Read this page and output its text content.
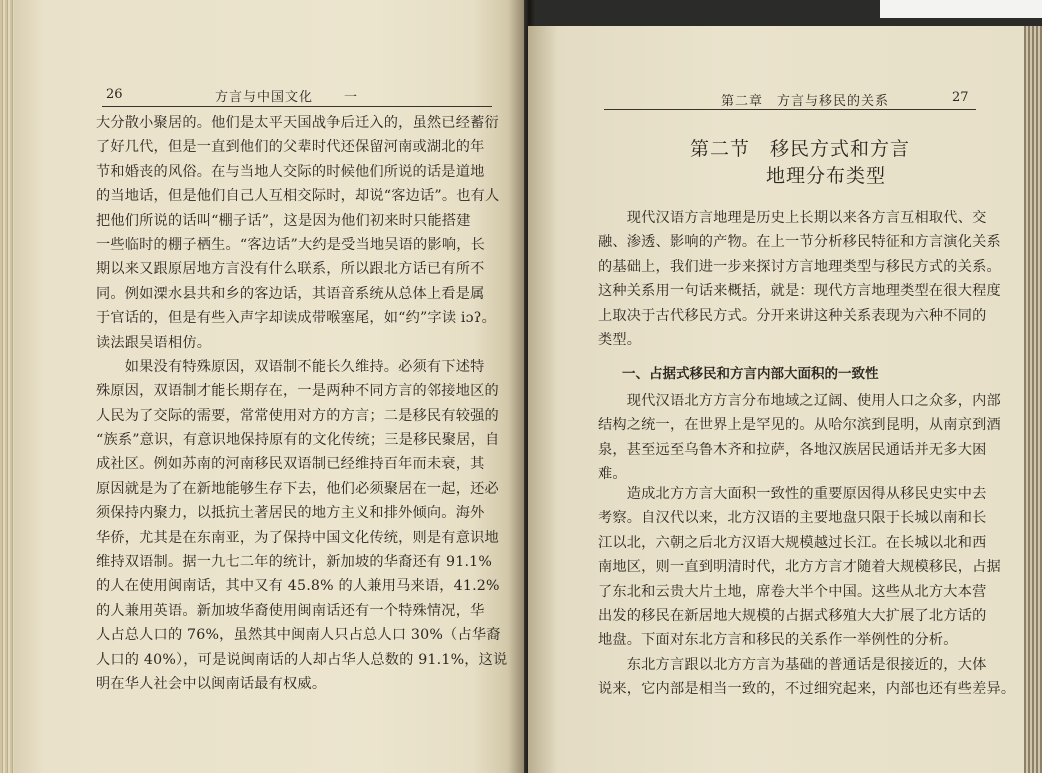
26	方言与中国文化 一
大分散小聚居的。他们是太平天国战争后迁入的，虽然已经蓄衍
了好几代，但是一直到他们的父辈时代还保留河南或湖北的年
节和婚丧的风俗。在与当地人交际的时候他们所说的话是道地
的当地话，但是他们自己人互相交际时，却说“客边话”。也有人
把他们所说的话叫“棚子话”，这是因为他们初来时只能搭建
一些临时的棚子栖生。“客边话”大约是受当地吴语的影响，长
期以来又跟原居地方言没有什么联系，所以跟北方话已有所不
同。例如溧水县共和乡的客边话，其语音系统从总体上看是属
于官话的，但是有些入声字却读成带喉塞尾，如“约”字读 iɔʔ。
读法跟吴语相仿。
　　如果没有特殊原因，双语制不能长久维持。必须有下述特
殊原因，双语制才能长期存在，一是两种不同方言的邻接地区的
人民为了交际的需要，常常使用对方的方言；二是移民有较强的
“族系”意识，有意识地保持原有的文化传统；三是移民聚居，自
成社区。例如苏南的河南移民双语制已经维持百年而未衰，其
原因就是为了在新地能够生存下去，他们必须聚居在一起，还必
须保持内聚力，以抵抗土著居民的地方主义和排外倾向。海外
华侨，尤其是在东南亚，为了保持中国文化传统，则是有意识地
维持双语制。据一九七二年的统计，新加坡的华裔还有 91.1%
的人在使用闽南话，其中又有 45.8% 的人兼用马来语，41.2%
的人兼用英语。新加坡华裔使用闽南话还有一个特殊情况，华
人占总人口的 76%，虽然其中闽南人只占总人口 30%（占华裔
人口的 40%），可是说闽南话的人却占华人总数的 91.1%，这说
明在华人社会中以闽南话最有权威。
第二章　方言与移民的关系	27
第二节　移民方式和方言
地理分布类型
　　现代汉语方言地理是历史上长期以来各方言互相取代、交
融、渗透、影响的产物。在上一节分析移民特征和方言演化关系
的基础上，我们进一步来探讨方言地理类型与移民方式的关系。
这种关系用一句话来概括，就是：现代方言地理类型在很大程度
上取决于古代移民方式。分开来讲这种关系表现为六种不同的
类型。
一、占据式移民和方言内部大面积的一致性
　　现代汉语北方方言分布地域之辽阔、使用人口之众多，内部
结构之统一，在世界上是罕见的。从哈尔滨到昆明，从南京到酒
泉，甚至远至乌鲁木齐和拉萨，各地汉族居民通话并无多大困
难。
　　造成北方方言大面积一致性的重要原因得从移民史实中去
考察。自汉代以来，北方汉语的主要地盘只限于长城以南和长
江以北，六朝之后北方汉语大规模越过长江。在长城以北和西
南地区，则一直到明清时代，北方方言才随着大规模移民，占据
了东北和云贵大片土地，席卷大半个中国。这些从北方大本营
出发的移民在新居地大规模的占据式移殖大大扩展了北方话的
地盘。下面对东北方言和移民的关系作一举例性的分析。
　　东北方言跟以北方方言为基础的普通话是很接近的，大体
说来，它内部是相当一致的，不过细究起来，内部也还有些差异。
